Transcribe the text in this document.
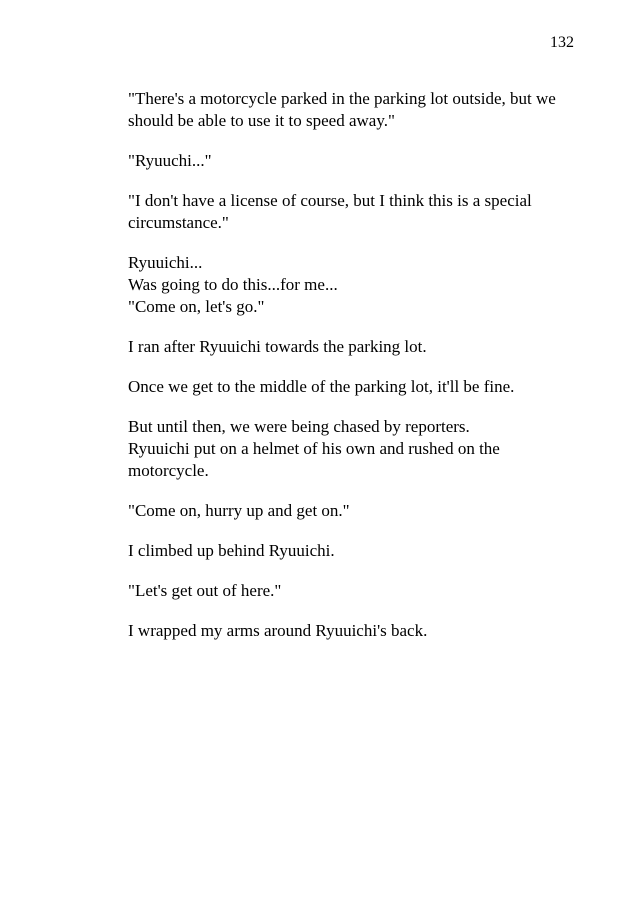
132

"There's a motorcycle parked in the parking lot outside, but we
should be able to use it to speed away."

"Ryuuchi..."

"I don't have a license of course, but I think this is a special
circumstance."

Ryuuichi...
Was going to do this...for me...
"Come on, let's go."

I ran after Ryuuichi towards the parking lot.

Once we get to the middle of the parking lot, it'll be fine.

But until then, we were being chased by reporters.
Ryuuichi put on a helmet of his own and rushed on the
motorcycle.

"Come on, hurry up and get on."

I climbed up behind Ryuuichi.

"Let's get out of here."

I wrapped my arms around Ryuuichi's back.
